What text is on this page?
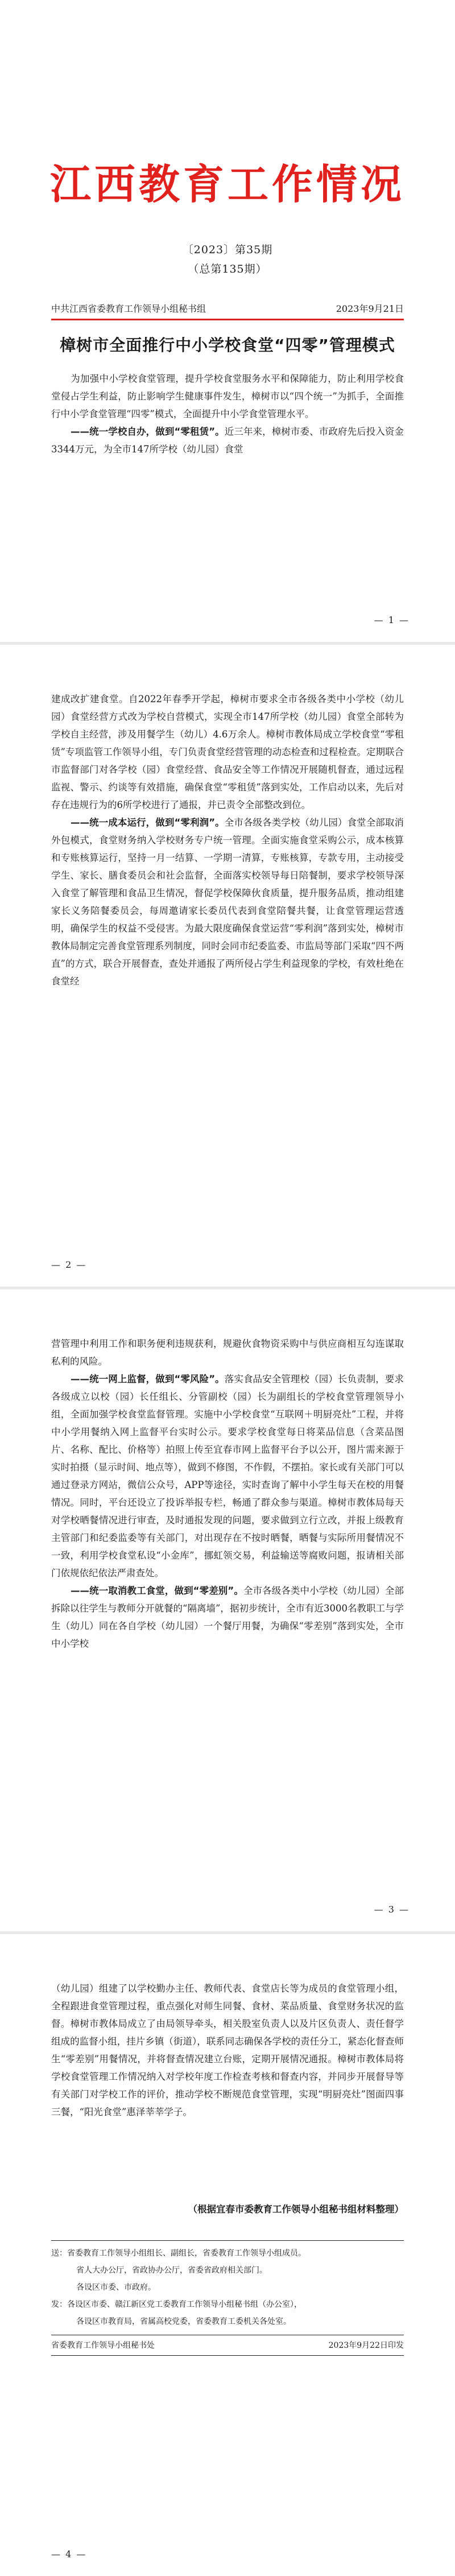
江西教育工作情况
〔2023〕第35期
（总第135期）
中共江西省委教育工作领导小组秘书组	2023年9月21日
樟树市全面推行中小学校食堂“四零”管理模式
为加强中小学校食堂管理，提升学校食堂服务水平和保障能力，防止利用学校食堂侵占学生利益，防止影响学生健康事件发生，樟树市以“四个统一”为抓手，全面推行中小学食堂管理“四零”模式，全面提升中小学食堂管理水平。
——统一学校自办，做到“零租赁”。近三年来，樟树市委、市政府先后投入资金3344万元，为全市147所学校（幼儿园）食堂
— 1 —
建成改扩建食堂。自2022年春季开学起，樟树市要求全市各级各类中小学校（幼儿园）食堂经营方式改为学校自营模式，实现全市147所学校（幼儿园）食堂全部转为学校自主经营，涉及用餐学生（幼儿）4.6万余人。樟树市教体局成立学校食堂“零租赁”专项监管工作领导小组，专门负责食堂经营管理的动态检查和过程检查。定期联合市监督部门对各学校（园）食堂经营、食品安全等工作情况开展随机督查，通过远程监视、警示、约谈等有效措施，确保食堂“零租赁”落到实处，工作启动以来，先后对存在违规行为的6所学校进行了通报，并已责令全部整改到位。
——统一成本运行，做到“零利润”。全市各级各类学校（幼儿园）食堂全部取消外包模式，食堂财务纳入学校财务专户统一管理。全面实施食堂采购公示，成本核算和专账核算运行，坚持一月一结算、一学期一清算，专账核算，专款专用，主动接受学生、家长、膳食委员会和社会监督，全面落实校领导每日陪餐制，要求学校领导深入食堂了解管理和食品卫生情况，督促学校保障伙食质量，提升服务品质，推动组建家长义务陪餐委员会，每周邀请家长委员代表到食堂陪餐共餐，让食堂管理运营透明，确保学生的权益不受侵害。为最大限度确保食堂运营“零利润”落到实处，樟树市教体局制定完善食堂管理系列制度，同时会同市纪委监委、市监局等部门采取“四不两直”的方式，联合开展督查，查处并通报了两所侵占学生利益现象的学校，有效杜绝在食堂经
— 2 —
营管理中利用工作和职务便利违规获利，规避伙食物资采购中与供应商相互勾连谋取私利的风险。
——统一网上监督，做到“零风险”。落实食品安全管理校（园）长负责制，要求各级成立以校（园）长任组长、分管副校（园）长为副组长的学校食堂管理领导小组，全面加强学校食堂监督管理。实施中小学校食堂“互联网＋明厨亮灶”工程，并将中小学用餐纳入网上监督平台实时公示。要求学校食堂每日将菜品信息（含菜品图片、名称、配比、价格等）拍照上传至宜春市网上监督平台予以公开，图片需来源于实时拍摄（显示时间、地点等），做到不修图，不作假，不摆拍。家长或有关部门可以通过登录方网站，微信公众号，APP等途径，实时查询了解中小学生每天在校的用餐情况。同时，平台还设立了投诉举报专栏，畅通了群众参与渠道。樟树市教体局每天对学校晒餐情况进行审查，及时通报发现的问题，要求做到立行立改，并报上级教育主管部门和纪委监委等有关部门，对出现存在不按时晒餐，晒餐与实际所用餐情况不一致，利用学校食堂私设“小金库”，挪虹领交易，利益输送等腐败问题，报请相关部门依规依纪依法严肃查处。
——统一取消教工食堂，做到“零差别”。全市各级各类中小学校（幼儿园）全部拆除以往学生与教师分开就餐的“隔离墙”，据初步统计，全市有近3000名教职工与学生（幼儿）同在各自学校（幼儿园）一个餐厅用餐，为确保“零差别”落到实处，全市中小学校
— 3 —
（幼儿园）组建了以学校勤办主任、教师代表、食堂店长等为成员的食堂管理小组，全程跟进食堂管理过程，重点强化对师生同餐、食材、菜品质量、食堂财务状况的监督。樟树市教体局成立了由局领导牵头，相关股室负责人以及片区负责人、责任督学组成的监督小组，挂片乡镇（街道），联系同志确保各学校的责任分工，紧态化督查师生“零差别”用餐情况，并将督查情况建立台账，定期开展情况通报。樟树市教体局将学校食堂管理工作情况纳入对学校年度工作检查考核和督查内容，并同步开展督导等有关部门对学校工作的评价，推动学校不断规范食堂管理，实现“明厨亮灶”图面四事三餐，“阳光食堂”惠泽莘莘学子。
（根据宜春市委教育工作领导小组秘书组材料整理）
送：省委教育工作领导小组组长、副组长，省委教育工作领导小组成员。
省人大办公厅，省政协办公厅，省委省政府相关部门。
各设区市委、市政府。
发：各设区市委、赣江新区党工委教育工作领导小组秘书组（办公室），
各设区市教育局，省属高校党委，省委教育工委机关各处室。
省委教育工作领导小组秘书处	2023年9月22日印发
— 4 —
